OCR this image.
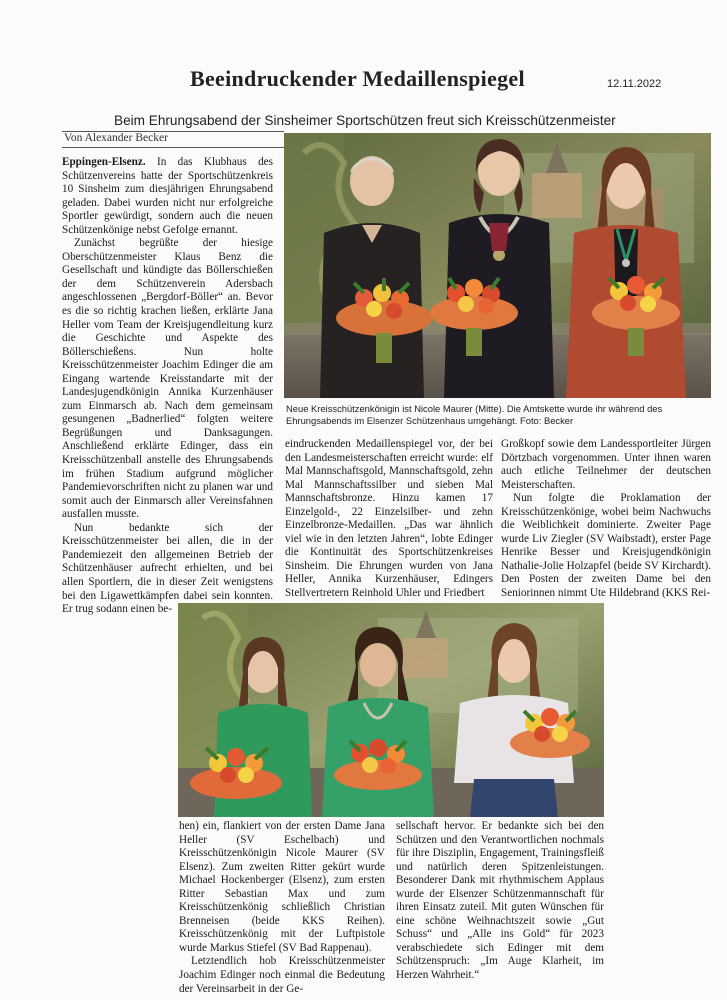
Beeindruckender Medaillenspiegel	12.11.2022
Beim Ehrungsabend der Sinsheimer Sportschützen freut sich Kreisschützenmeister
Von Alexander Becker

Eppingen-Elsenz. In das Klubhaus des Schützenvereins hatte der Sportschützenkreis 10 Sinsheim zum diesjährigen Ehrungsabend geladen. Dabei wurden nicht nur erfolgreiche Sportler gewürdigt, sondern auch die neuen Schützenkönige nebst Gefolge ernannt.

Zunächst begrüßte der hiesige Oberschützenmeister Klaus Benz die Gesellschaft und kündigte das Böllerschießen der dem Schützenverein Adersbach angeschlossenen „Bergdorf-Böller“ an. Bevor es die so richtig krachen ließen, erklärte Jana Heller vom Team der Kreisjugendleitung kurz die Geschichte und Aspekte des Böllerschießens. Nun holte Kreisschützenmeister Joachim Edinger die am Eingang wartende Kreisstandarte mit der Landesjugendkönigin Annika Kurzenhäuser zum Einmarsch ab. Nach dem gemeinsam gesungenen „Badnerlied“ folgten weitere Begrüßungen und Danksagungen. Anschließend erklärte Edinger, dass ein Kreisschützenball anstelle des Ehrungsabends im frühen Stadium aufgrund möglicher Pandemievorschriften nicht zu planen war und somit auch der Einmarsch aller Vereinsfahnen ausfallen musste.

Nun bedankte sich der Kreisschützenmeister bei allen, die in der Pandemiezeit den allgemeinen Betrieb der Schützenhäuser aufrecht erhielten, und bei allen Sportlern, die in dieser Zeit wenigstens bei den Ligawettkämpfen dabei sein konnten. Er trug sodann einen be-

Neue Kreisschützenkönigin ist Nicole Maurer (Mitte). Die Amtskette wurde ihr während des Ehrungsabends im Elsenzer Schützenhaus umgehängt. Foto: Becker

eindruckenden Medaillenspiegel vor, der bei den Landesmeisterschaften erreicht wurde: elf Mal Mannschaftsgold, Mannschaftsgold, zehn Mal Mannschaftssilber und sieben Mal Mannschaftsbronze. Hinzu kamen 17 Einzelgold-, 22 Einzelsilber- und zehn Einzelbronze-Medaillen. „Das war ähnlich viel wie in den letzten Jahren“, lobte Edinger die Kontinuität des Sportschützenkreises Sinsheim. Die Ehrungen wurden von Jana Heller, Annika Kurzenhäuser, Edingers Stellvertretern Reinhold Uhler und Friedbert

Großkopf sowie dem Landessportleiter Jürgen Dörtzbach vorgenommen. Unter ihnen waren auch etliche Teilnehmer der deutschen Meisterschaften.

Nun folgte die Proklamation der Kreisschützenkönige, wobei beim Nachwuchs die Weiblichkeit dominierte. Zweiter Page wurde Liv Ziegler (SV Waibstadt), erster Page Henrike Besser und Kreisjugendkönigin Nathalie-Jolie Holzapfel (beide SV Kirchardt). Den Posten der zweiten Dame bei den Seniorinnen nimmt Ute Hildebrand (KKS Rei-

hen) ein, flankiert von der ersten Dame Jana Heller (SV Eschelbach) und Kreisschützenkönigin Nicole Maurer (SV Elsenz). Zum zweiten Ritter gekürt wurde Michael Hockenberger (Elsenz), zum ersten Ritter Sebastian Max und zum Kreisschützenkönig schließlich Christian Brenneisen (beide KKS Reihen). Kreisschützenkönig mit der Luftpistole wurde Markus Stiefel (SV Bad Rappenau).

Letztendlich hob Kreisschützenmeister Joachim Edinger noch einmal die Bedeutung der Vereinsarbeit in der Ge-

sellschaft hervor. Er bedankte sich bei den Schützen und den Verantwortlichen nochmals für ihre Disziplin, Engagement, Trainingsfleiß und natürlich deren Spitzenleistungen. Besonderer Dank mit rhythmischem Applaus wurde der Elsenzer Schützenmannschaft für ihren Einsatz zuteil. Mit guten Wünschen für eine schöne Weihnachtszeit sowie „Gut Schuss“ und „Alle ins Gold“ für 2023 verabschiedete sich Edinger mit dem Schützenspruch: „Im Auge Klarheit, im Herzen Wahrheit.“
